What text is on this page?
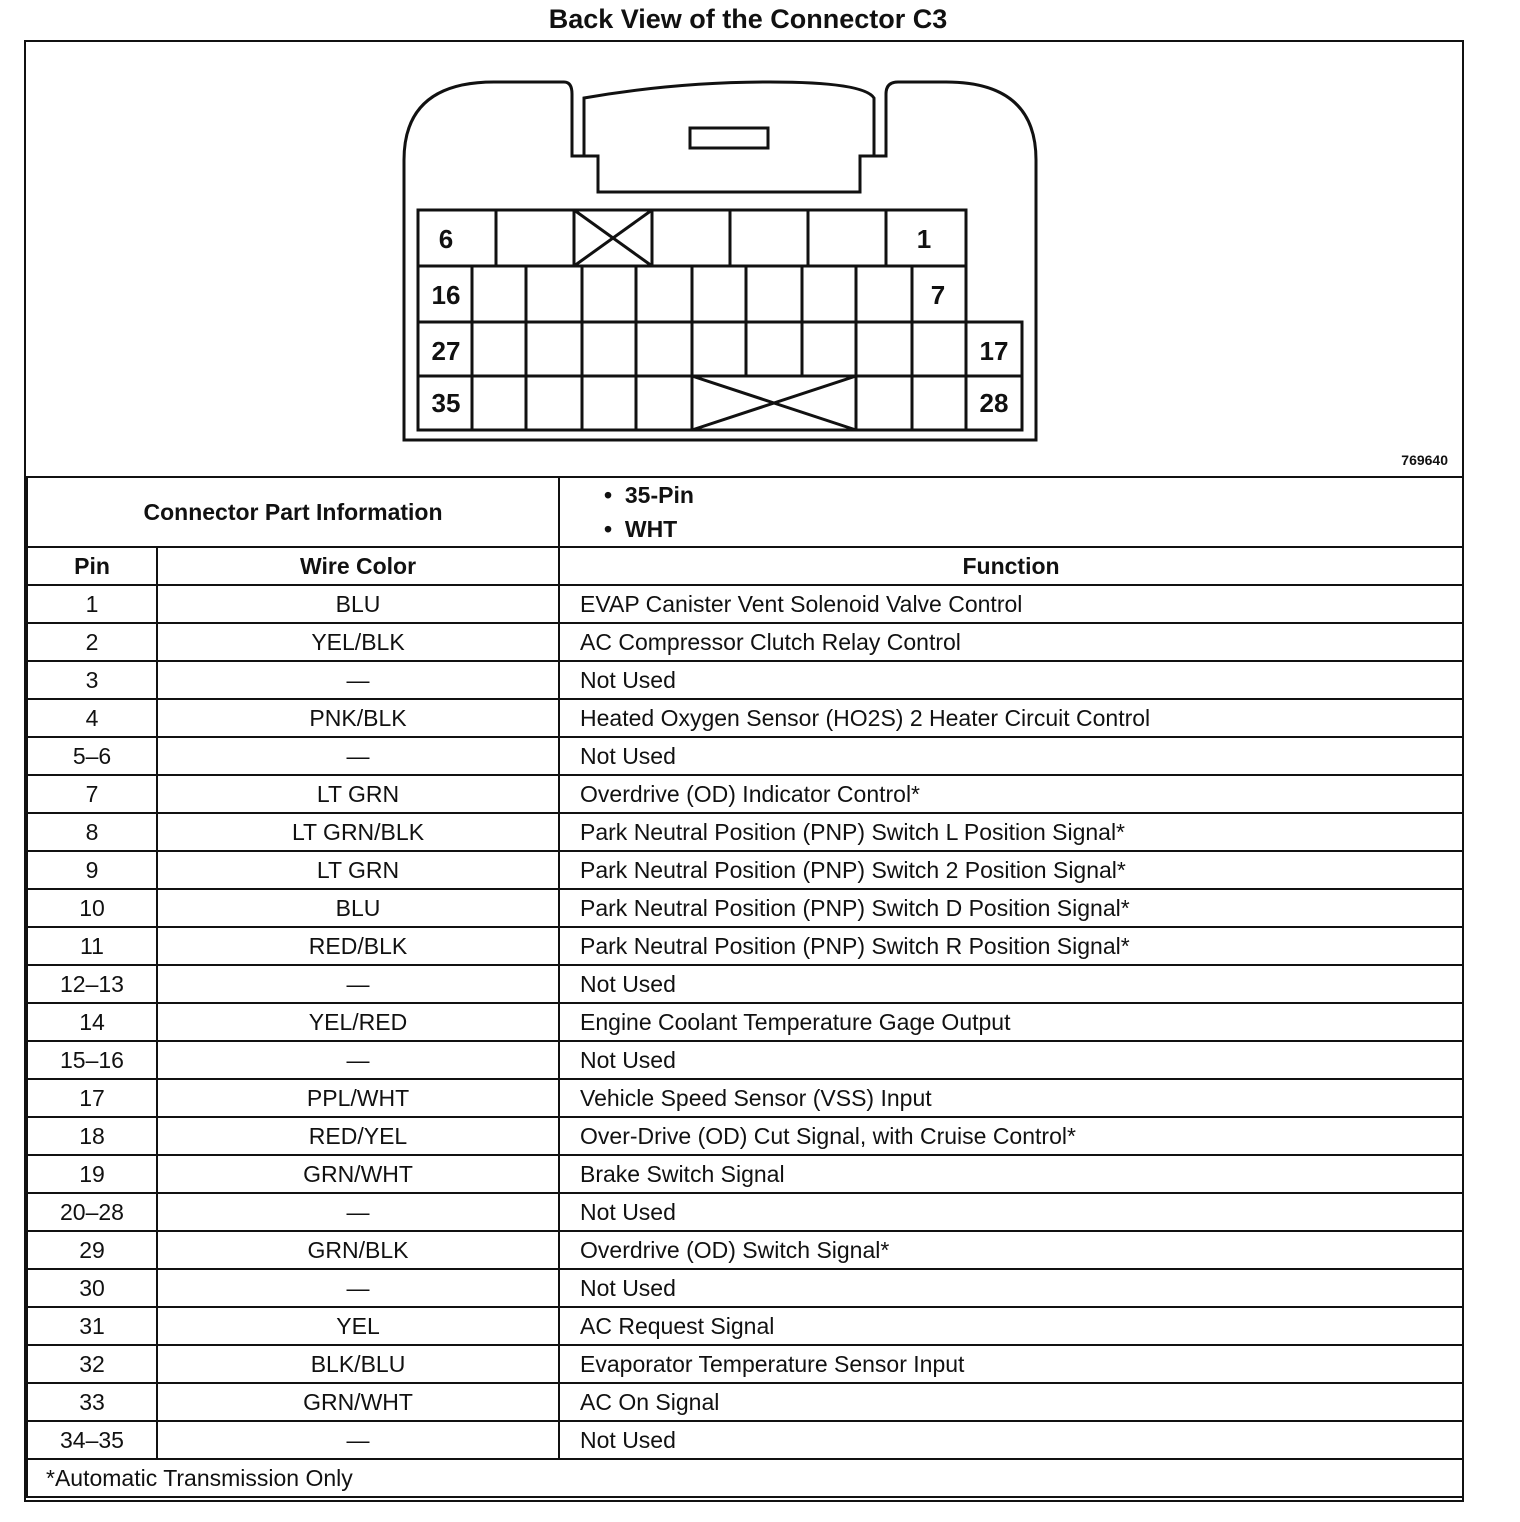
Back View of the Connector C3
6	1
16	7
27	17
35	28
769640
Connector Part Information		•  35-Pin
•  WHT

Pin	Wire Color	Function
1	BLU	EVAP Canister Vent Solenoid Valve Control
2	YEL/BLK	AC Compressor Clutch Relay Control
3	—	Not Used
4	PNK/BLK	Heated Oxygen Sensor (HO2S) 2 Heater Circuit Control
5–6	—	Not Used
7	LT GRN	Overdrive (OD) Indicator Control*
8	LT GRN/BLK	Park Neutral Position (PNP) Switch L Position Signal*
9	LT GRN	Park Neutral Position (PNP) Switch 2 Position Signal*
10	BLU	Park Neutral Position (PNP) Switch D Position Signal*
11	RED/BLK	Park Neutral Position (PNP) Switch R Position Signal*
12–13	—	Not Used
14	YEL/RED	Engine Coolant Temperature Gage Output
15–16	—	Not Used
17	PPL/WHT	Vehicle Speed Sensor (VSS) Input
18	RED/YEL	Over-Drive (OD) Cut Signal, with Cruise Control*
19	GRN/WHT	Brake Switch Signal
20–28	—	Not Used
29	GRN/BLK	Overdrive (OD) Switch Signal*
30	—	Not Used
31	YEL	AC Request Signal
32	BLK/BLU	Evaporator Temperature Sensor Input
33	GRN/WHT	AC On Signal
34–35	—	Not Used
*Automatic Transmission Only		
